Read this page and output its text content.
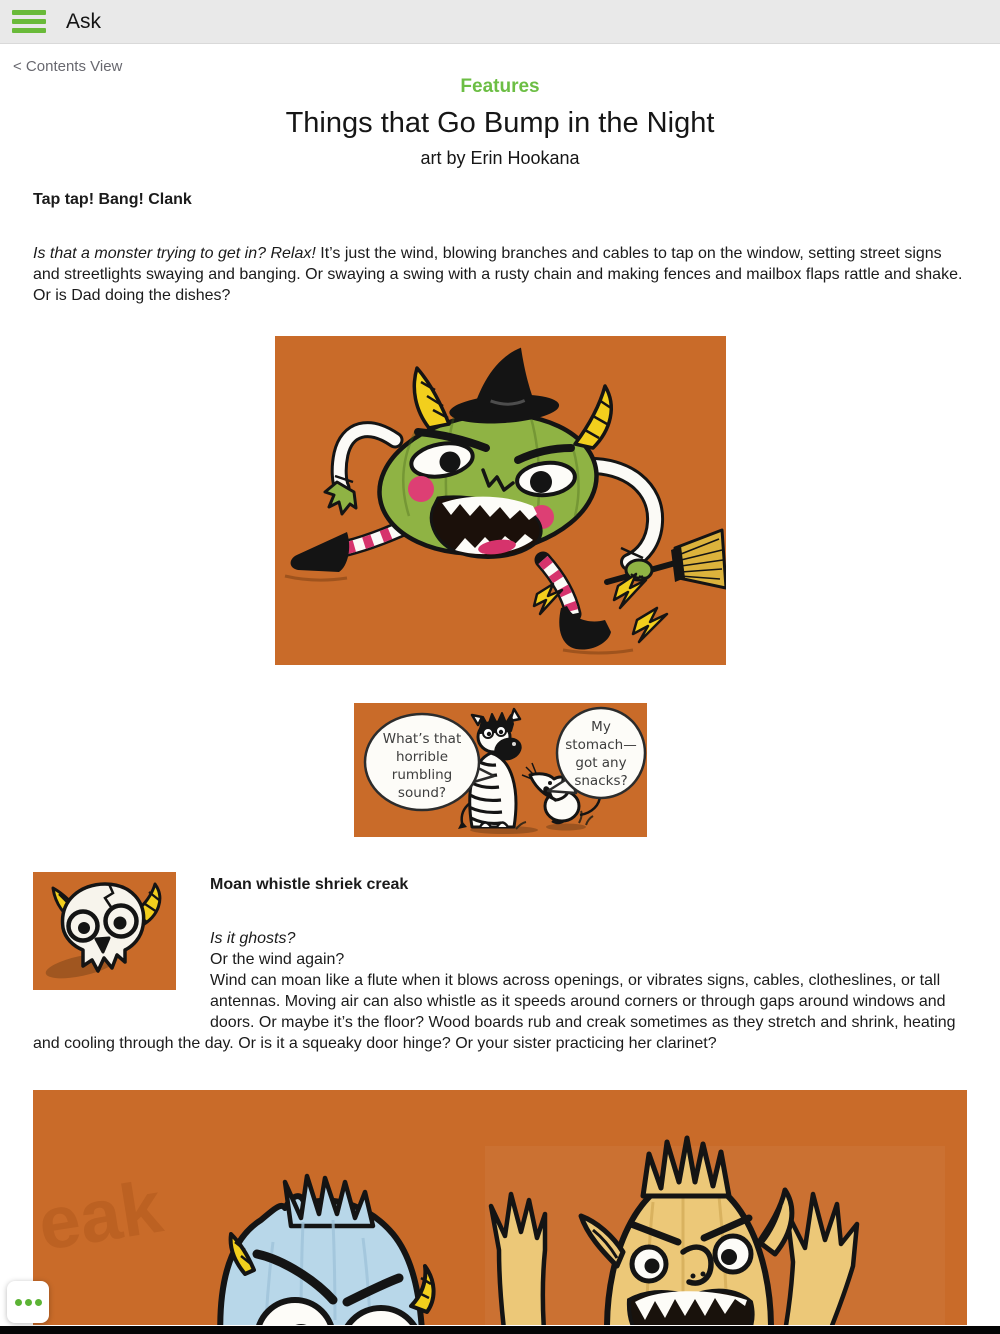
Ask
< Contents View
Features
Things that Go Bump in the Night
art by Erin Hookana
Tap tap! Bang! Clank

Is that a monster trying to get in? Relax! It’s just the wind, blowing branches and cables to tap on the window, setting street signs and streetlights swaying and banging. Or swaying a swing with a rusty chain and making fences and mailbox flaps rattle and shake. Or is Dad doing the dishes?

What’s that horrible rumbling sound?
My stomach— got any snacks?
Moan whistle shriek creak

Is it ghosts?
Or the wind again?
Wind can moan like a flute when it blows across openings, or vibrates signs, cables, clotheslines, or tall antennas. Moving air can also whistle as it speeds around corners or through gaps around windows and doors. Or maybe it’s the floor? Wood boards rub and creak sometimes as they stretch and shrink, heating and cooling through the day. Or is it a squeaky door hinge? Or your sister practicing her clarinet?

eak
